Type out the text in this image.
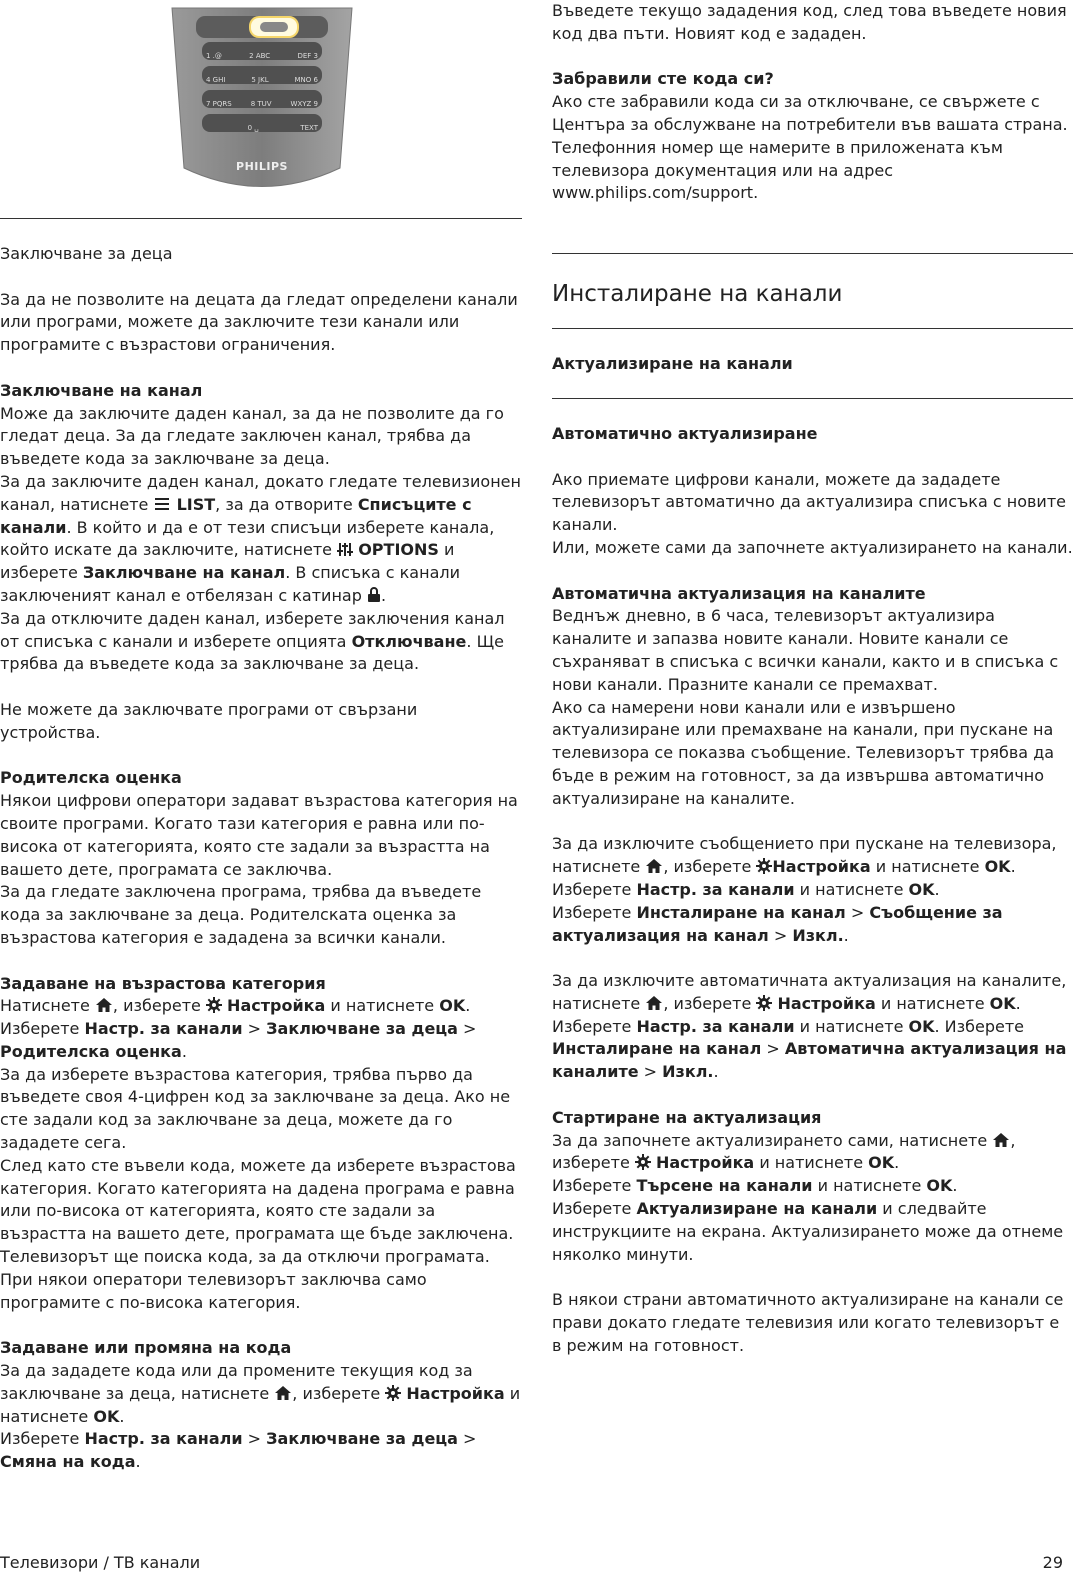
1 .@	2 ABC	DEF 3
4 GHI	5 JKL	MNO 6
7 PQRS	8 TUV	WXYZ 9
0 ␣	TEXT
PHILIPS

Заключване за деца

За да не позволите на децата да гледат определени канали или програми, можете да заключите тези канали или програмите с възрастови ограничения.

Заключване на канал

Може да заключите даден канал, за да не позволите да го гледат деца. За да гледате заключен канал, трябва да въведете кода за заключване за деца.

За да заключите даден канал, докато гледате телевизионен канал, натиснете  LIST, за да отворите Списъците с канали. В който и да е от тези списъци изберете канала, който искате да заключите, натиснете  OPTIONS и изберете Заключване на канал. В списъка с канали заключеният канал е отбелязан с катинар .

За да отключите даден канал, изберете заключения канал от списъка с канали и изберете опцията Отключване. Ще трябва да въведете кода за заключване за деца.

Не можете да заключвате програми от свързани устройства.

Родителска оценка

Някои цифрови оператори задават възрастова категория на своите програми. Когато тази категория е равна или по-висока от категорията, която сте задали за възрастта на вашето дете, програмата се заключва.

За да гледате заключена програма, трябва да въведете кода за заключване за деца. Родителската оценка за възрастова категория е зададена за всички канали.

Задаване на възрастова категория

Натиснете , изберете  Настройка и натиснете OK.
Изберете Настр. за канали > Заключване за деца > Родителска оценка.

За да изберете възрастова категория, трябва първо да въведете своя 4-цифрен код за заключване за деца. Ако не сте задали код за заключване за деца, можете да го зададете сега.

След като сте въвели кода, можете да изберете възрастова категория. Когато категорията на дадена програма е равна или по-висока от категорията, която сте задали за възрастта на вашето дете, програмата ще бъде заключена. Телевизорът ще поиска кода, за да отключи програмата. При някои оператори телевизорът заключва само програмите с по-висока категория.

Задаване или промяна на кода

За да зададете кода или да промените текущия код за заключване за деца, натиснете , изберете  Настройка и натиснете OK.
Изберете Настр. за канали > Заключване за деца > Смяна на кода.

Въведете текущо зададения код, след това въведете новия код два пъти. Новият код е зададен.

Забравили сте кода си?

Ако сте забравили кода си за отключване, се свържете с Центъра за обслужване на потребители във вашата страна. Телефонния номер ще намерите в приложената към телевизора документация или на адрес www.philips.com/support.

Инсталиране на канали

Актуализиране на канали

Автоматично актуализиране

Ако приемате цифрови канали, можете да зададете телевизорът автоматично да актуализира списъка с новите канали.

Или, можете сами да започнете актуализирането на канали.

Автоматична актуализация на каналите

Веднъж дневно, в 6 часа, телевизорът актуализира каналите и запазва новите канали. Новите канали се съхраняват в списъка с всички канали, както и в списъка с нови канали. Празните канали се премахват.

Ако са намерени нови канали или е извършено актуализиране или премахване на канали, при пускане на телевизора се показва съобщение. Телевизорът трябва да бъде в режим на готовност, за да извършва автоматично актуализиране на каналите.

За да изключите съобщението при пускане на телевизора, натиснете , изберете Настройка и натиснете OK.
Изберете Настр. за канали и натиснете OK.
Изберете Инсталиране на канал > Съобщение за актуализация на канал > Изкл..

За да изключите автоматичната актуализация на каналите, натиснете , изберете  Настройка и натиснете OK.
Изберете Настр. за канали и натиснете OK. Изберете Инсталиране на канал > Автоматична актуализация на каналите > Изкл..

Стартиране на актуализация

За да започнете актуализирането сами, натиснете , изберете  Настройка и натиснете OK.
Изберете Търсене на канали и натиснете OK.
Изберете Актуализиране на канали и следвайте инструкциите на екрана. Актуализирането може да отнеме няколко минути.

В някои страни автоматичното актуализиране на канали се прави докато гледате телевизия или когато телевизорът е в режим на готовност.

Телевизори / ТВ канали	29
